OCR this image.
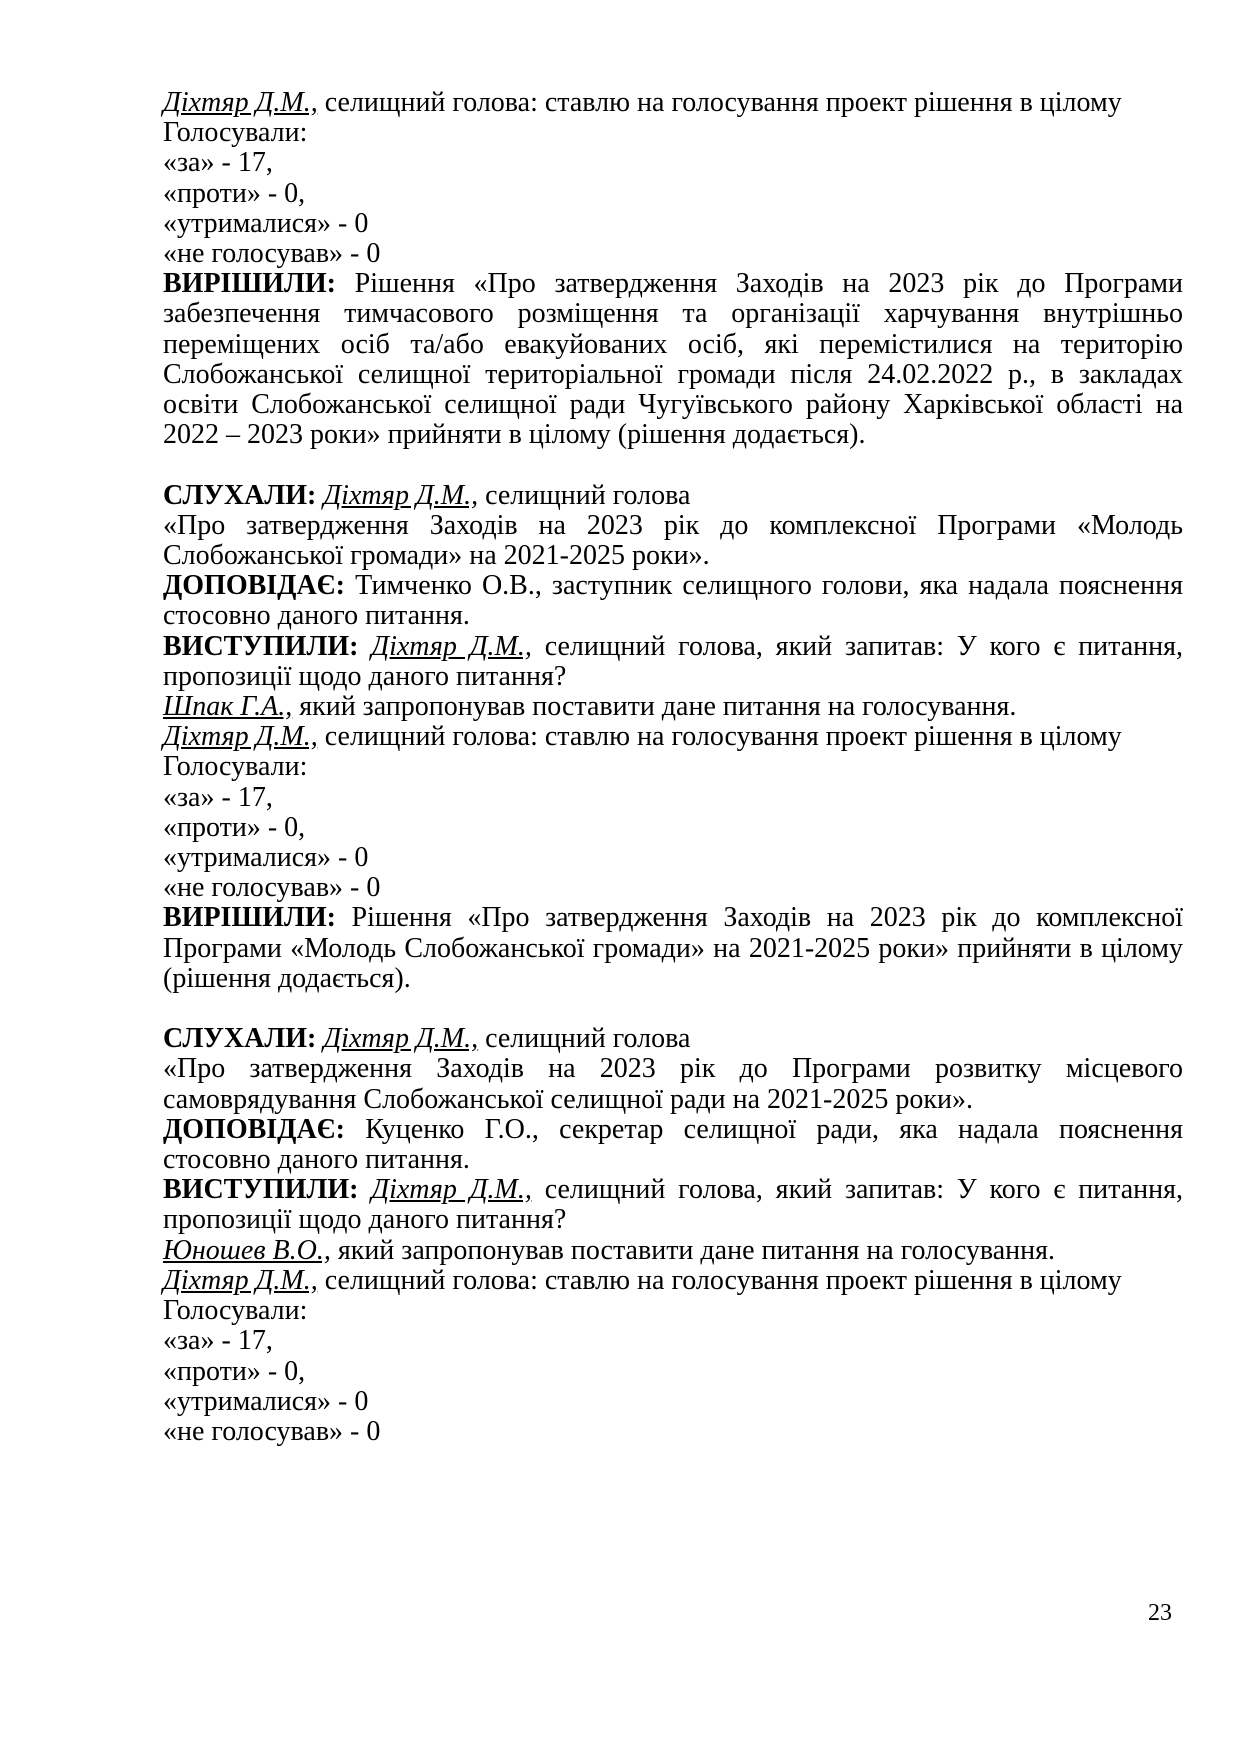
Діхтяр Д.М., селищний голова: ставлю на голосування проект рішення в цілому
Голосували:
«за» - 17,
«проти» - 0,
«утрималися» - 0
«не голосував» - 0
ВИРІШИЛИ: Рішення «Про затвердження Заходів на 2023 рік до Програми забезпечення тимчасового розміщення та організації харчування внутрішньо переміщених осіб та/або евакуйованих осіб, які перемістилися на територію Слобожанської селищної територіальної громади після 24.02.2022 р., в закладах освіти Слобожанської селищної ради Чугуївського району Харківської області на 2022 – 2023 роки» прийняти в цілому (рішення додається).
СЛУХАЛИ: Діхтяр Д.М., селищний голова
«Про затвердження Заходів на 2023 рік до комплексної Програми «Молодь Слобожанської громади» на 2021-2025 роки».
ДОПОВІДАЄ: Тимченко О.В., заступник селищного голови, яка надала пояснення стосовно даного питання.
ВИСТУПИЛИ: Діхтяр Д.М., селищний голова, який запитав: У кого є питання, пропозиції щодо даного питання?
Шпак Г.А., який запропонував поставити дане питання на голосування.
Діхтяр Д.М., селищний голова: ставлю на голосування проект рішення в цілому
Голосували:
«за» - 17,
«проти» - 0,
«утрималися» - 0
«не голосував» - 0
ВИРІШИЛИ: Рішення «Про затвердження Заходів на 2023 рік до комплексної Програми «Молодь Слобожанської громади» на 2021-2025 роки» прийняти в цілому (рішення додається).
СЛУХАЛИ: Діхтяр Д.М., селищний голова
«Про затвердження Заходів на 2023 рік до Програми розвитку місцевого самоврядування Слобожанської селищної ради на 2021-2025 роки».
ДОПОВІДАЄ: Куценко Г.О., секретар селищної ради, яка надала пояснення стосовно даного питання.
ВИСТУПИЛИ: Діхтяр Д.М., селищний голова, який запитав: У кого є питання, пропозиції щодо даного питання?
Юношев В.О., який запропонував поставити дане питання на голосування.
Діхтяр Д.М., селищний голова: ставлю на голосування проект рішення в цілому
Голосували:
«за» - 17,
«проти» - 0,
«утрималися» - 0
«не голосував» - 0
23
